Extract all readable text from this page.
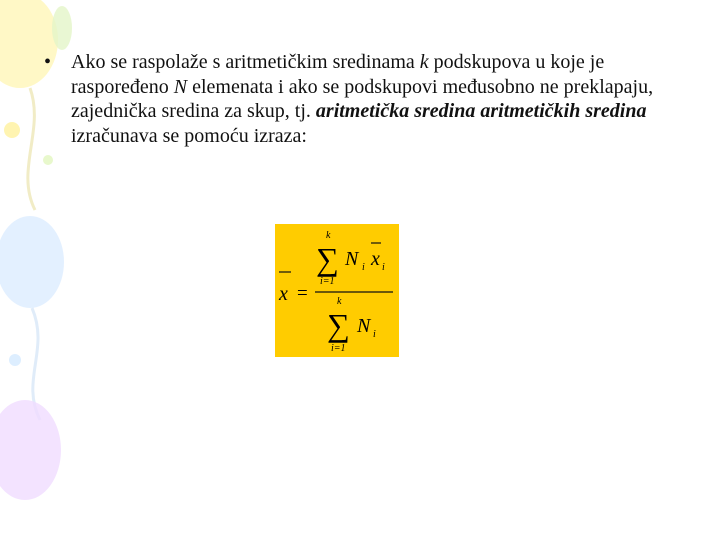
• Ako se raspolaže s aritmetičkim sredinama k podskupova u koje je raspoređeno N elemenata i ako se podskupovi međusobno ne preklapaju, zajednička sredina za skup, tj. aritmetička sredina aritmetičkih sredina izračunava se pomoću izraza:
x =
k
∑
i=1
N i x i
k
∑
i=1
N i
